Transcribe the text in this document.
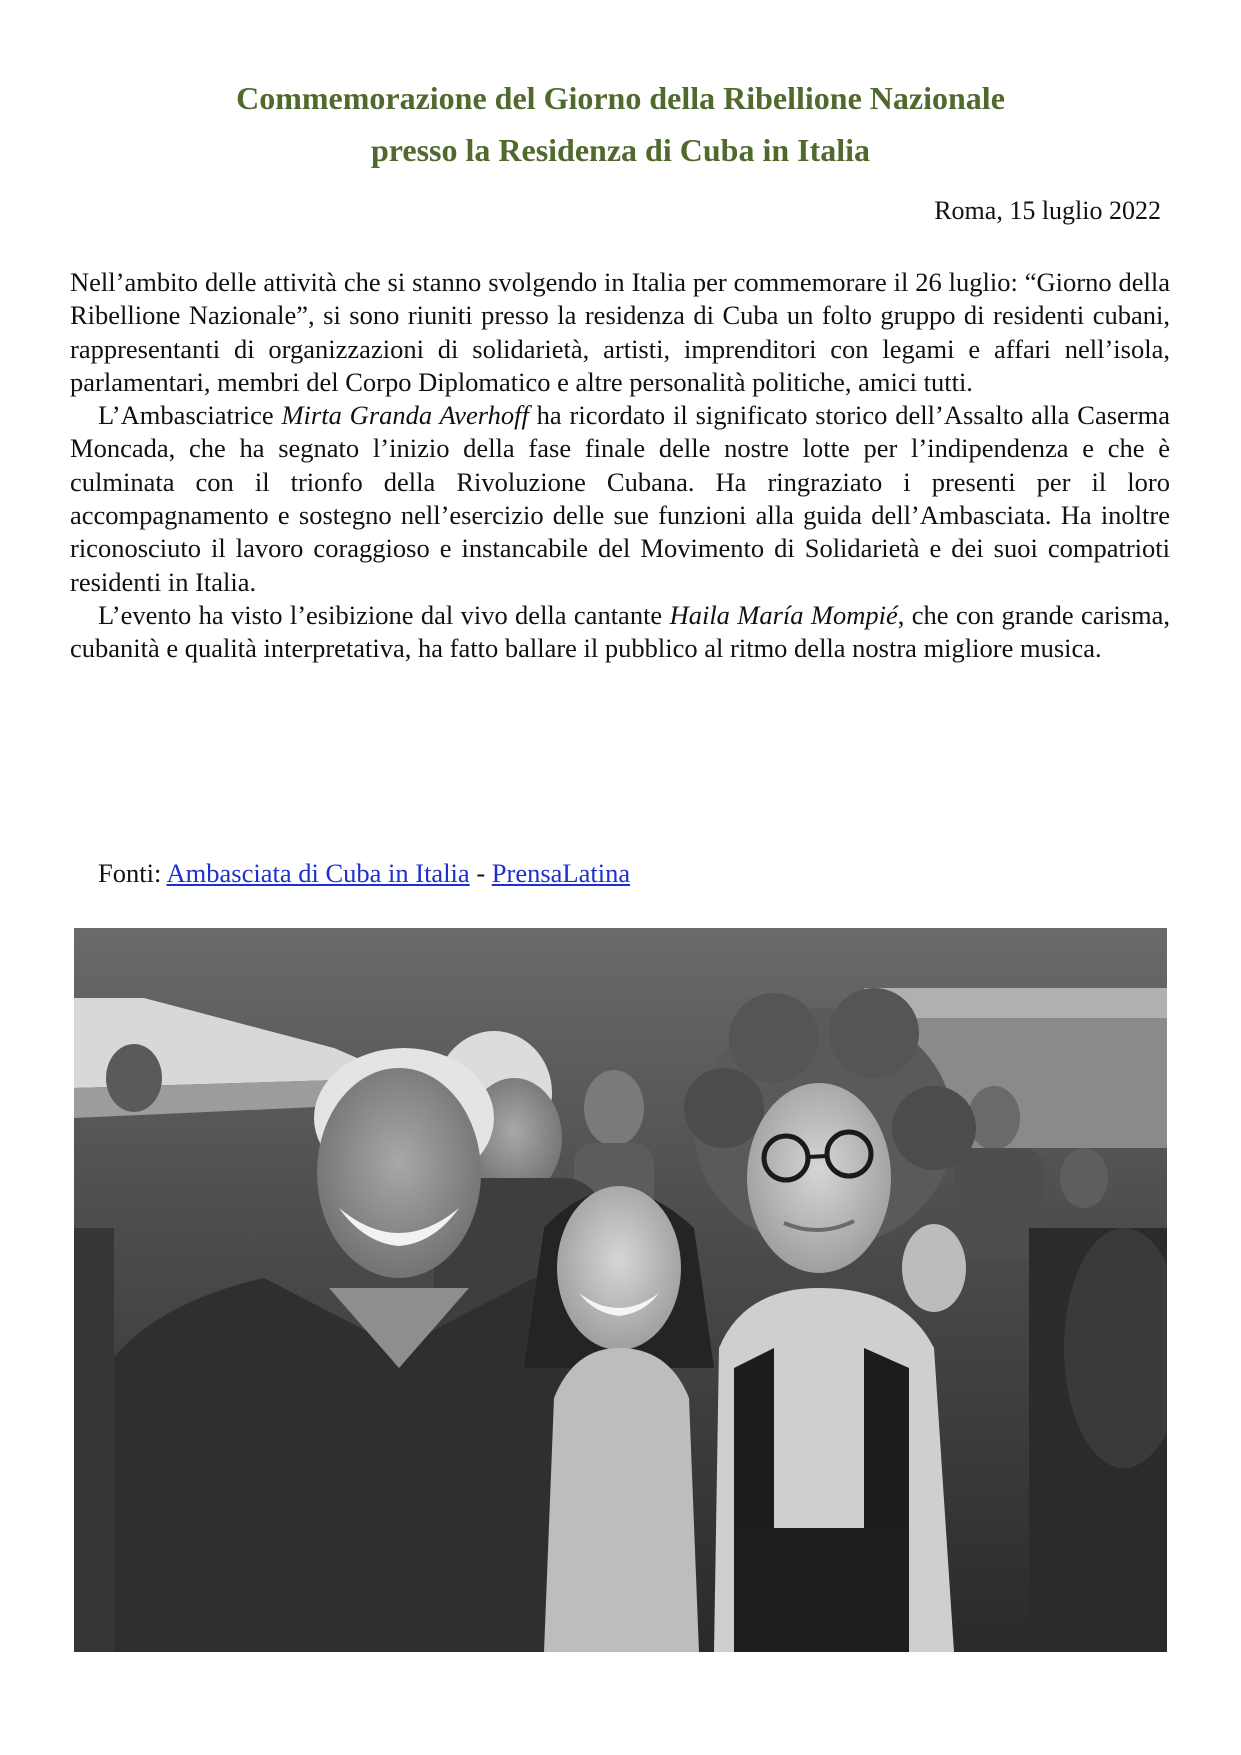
Commemorazione del Giorno della Ribellione Nazionale
presso la Residenza di Cuba in Italia
Roma, 15 luglio 2022

Nell’ambito delle attività che si stanno svolgendo in Italia per commemorare il 26 luglio: “Giorno della Ribellione Nazionale”, si sono riuniti presso la residenza di Cuba un folto gruppo di residenti cubani, rappresentanti di organizzazioni di solidarietà, artisti, imprenditori con legami e affari nell’isola, parlamentari, membri del Corpo Diplomatico e altre personalità politiche, amici tutti.

L’Ambasciatrice Mirta Granda Averhoff ha ricordato il significato storico dell’Assalto alla Caserma Moncada, che ha segnato l’inizio della fase finale delle nostre lotte per l’indipendenza e che è culminata con il trionfo della Rivoluzione Cubana. Ha ringraziato i presenti per il loro accompagnamento e sostegno nell’esercizio delle sue funzioni alla guida dell’Ambasciata. Ha inoltre riconosciuto il lavoro coraggioso e instancabile del Movimento di Solidarietà e dei suoi compatrioti residenti in Italia.

L’evento ha visto l’esibizione dal vivo della cantante Haila María Mompié, che con grande carisma, cubanità e qualità interpretativa, ha fatto ballare il pubblico al ritmo della nostra migliore musica.

Fonti: Ambasciata di Cuba in Italia - PrensaLatina
